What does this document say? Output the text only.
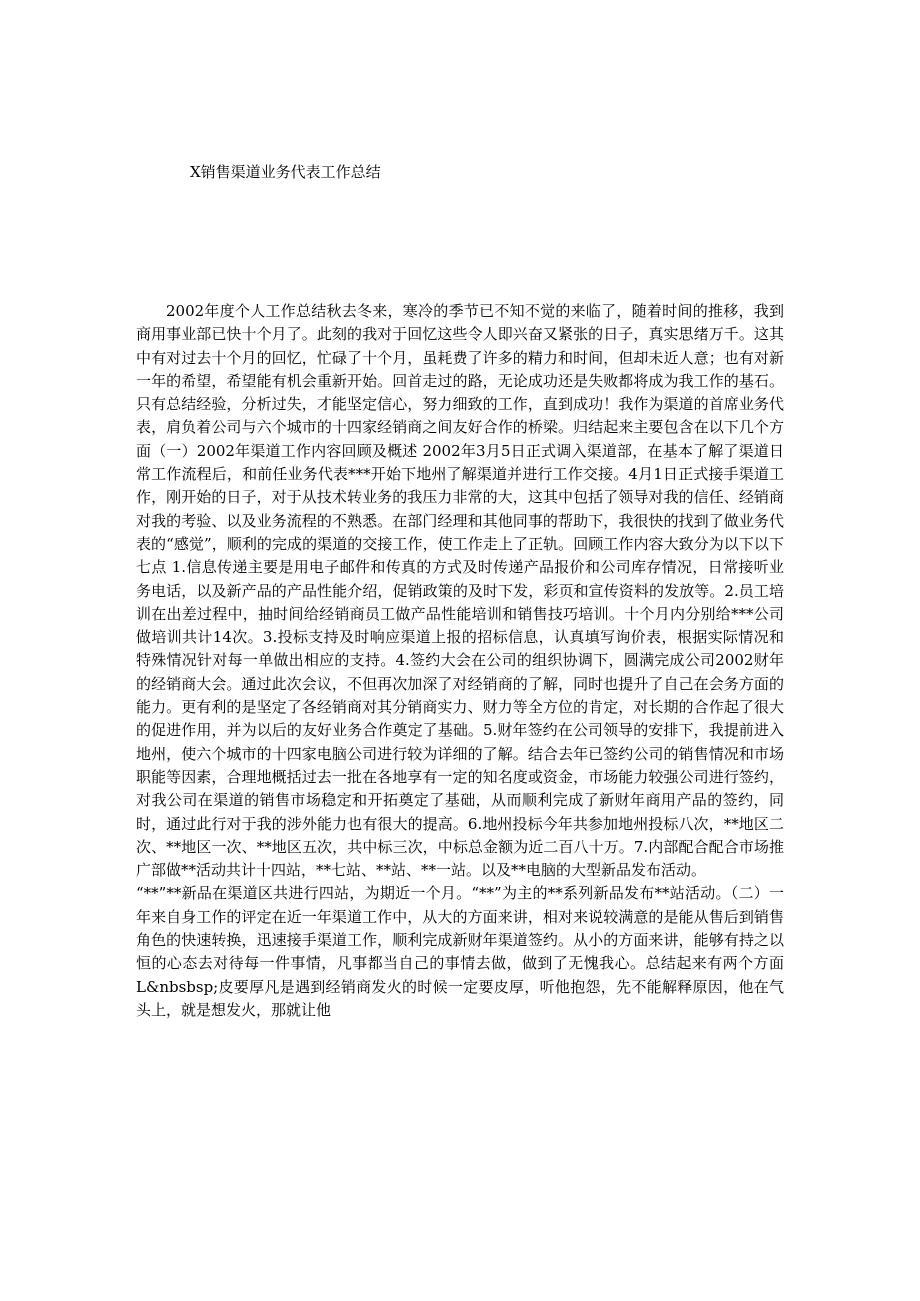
X销售渠道业务代表工作总结

2002年度个人工作总结秋去冬来，寒冷的季节已不知不觉的来临了，随着时间的推移，我到商用事业部已快十个月了。此刻的我对于回忆这些令人即兴奋又紧张的日子，真实思绪万千。这其中有对过去十个月的回忆，忙碌了十个月，虽耗费了许多的精力和时间，但却未近人意；也有对新一年的希望，希望能有机会重新开始。回首走过的路，无论成功还是失败都将成为我工作的基石。只有总结经验，分析过失，才能坚定信心，努力细致的工作，直到成功！我作为渠道的首席业务代表，肩负着公司与六个城市的十四家经销商之间友好合作的桥梁。归结起来主要包含在以下几个方面（一）2002年渠道工作内容回顾及概述 2002年3月5日正式调入渠道部，在基本了解了渠道日常工作流程后，和前任业务代表***开始下地州了解渠道并进行工作交接。4月1日正式接手渠道工作，刚开始的日子，对于从技术转业务的我压力非常的大，这其中包括了领导对我的信任、经销商对我的考验、以及业务流程的不熟悉。在部门经理和其他同事的帮助下，我很快的找到了做业务代表的“感觉”，顺利的完成的渠道的交接工作，使工作走上了正轨。回顾工作内容大致分为以下以下七点 1.信息传递主要是用电子邮件和传真的方式及时传递产品报价和公司库存情况，日常接听业务电话，以及新产品的产品性能介绍，促销政策的及时下发，彩页和宣传资料的发放等。2.员工培训在出差过程中，抽时间给经销商员工做产品性能培训和销售技巧培训。十个月内分别给***公司做培训共计14次。3.投标支持及时响应渠道上报的招标信息，认真填写询价表，根据实际情况和特殊情况针对每一单做出相应的支持。4.签约大会在公司的组织协调下，圆满完成公司2002财年的经销商大会。通过此次会议，不但再次加深了对经销商的了解，同时也提升了自己在会务方面的能力。更有利的是坚定了各经销商对其分销商实力、财力等全方位的肯定，对长期的合作起了很大的促进作用，并为以后的友好业务合作奠定了基础。5.财年签约在公司领导的安排下，我提前进入地州，使六个城市的十四家电脑公司进行较为详细的了解。结合去年已签约公司的销售情况和市场职能等因素，合理地概括过去一批在各地享有一定的知名度或资金，市场能力较强公司进行签约，对我公司在渠道的销售市场稳定和开拓奠定了基础，从而顺利完成了新财年商用产品的签约，同时，通过此行对于我的涉外能力也有很大的提高。6.地州投标今年共参加地州投标八次，**地区二次、**地区一次、**地区五次，共中标三次，中标总金额为近二百八十万。7.内部配合配合市场推广部做**活动共计十四站，**七站、**站、**一站。以及**电脑的大型新品发布活动。

“**”**新品在渠道区共进行四站，为期近一个月。“**”为主的**系列新品发布**站活动。（二）一年来自身工作的评定在近一年渠道工作中，从大的方面来讲，相对来说较满意的是能从售后到销售角色的快速转换，迅速接手渠道工作，顺利完成新财年渠道签约。从小的方面来讲，能够有持之以恒的心态去对待每一件事情，凡事都当自己的事情去做，做到了无愧我心。总结起来有两个方面 L&nbsbsp;皮要厚凡是遇到经销商发火的时候一定要皮厚，听他抱怨，先不能解释原因，他在气头上，就是想发火，那就让他
